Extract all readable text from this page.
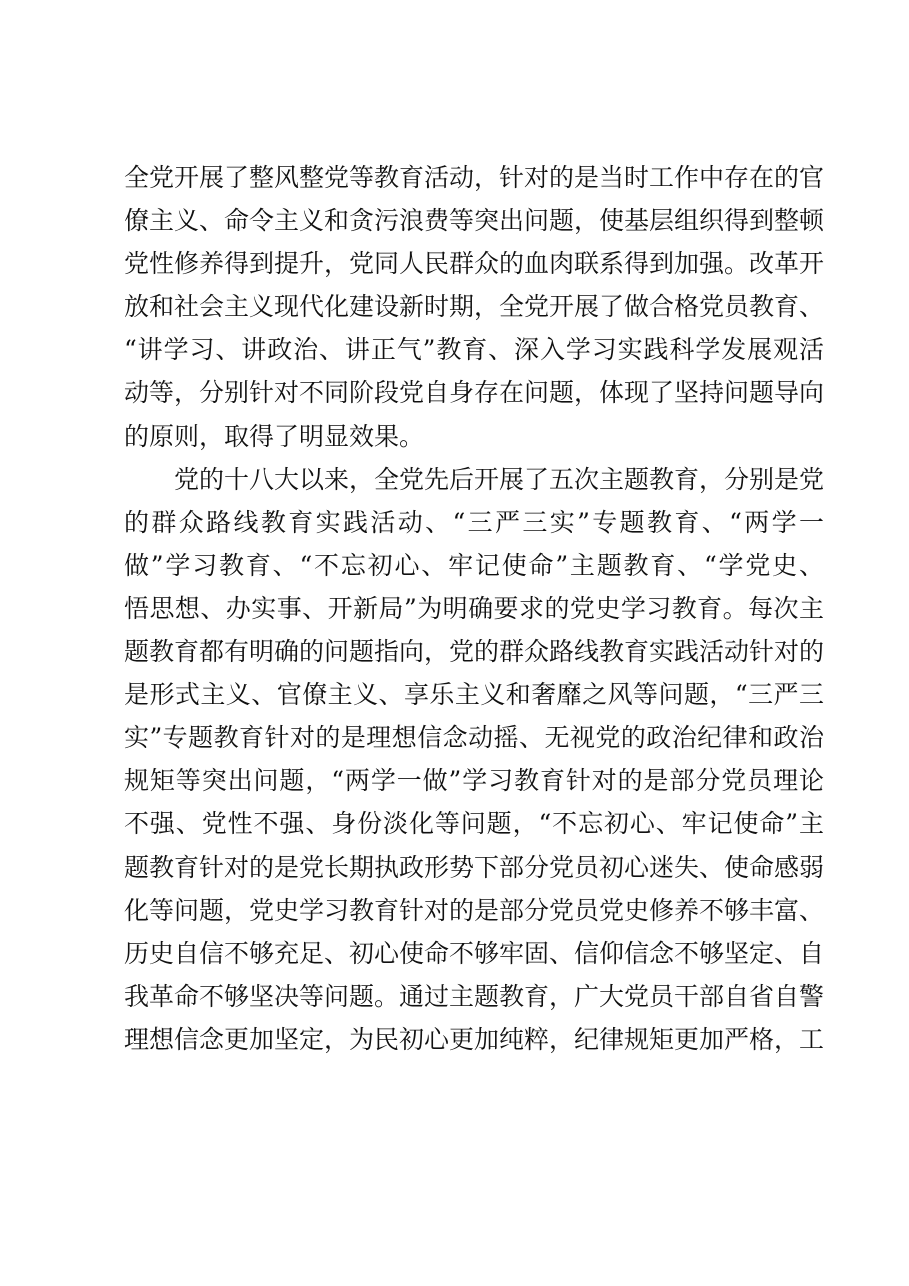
全党开展了整风整党等教育活动，针对的是当时工作中存在的官
僚主义、命令主义和贪污浪费等突出问题，使基层组织得到整顿
党性修养得到提升，党同人民群众的血肉联系得到加强。改革开
放和社会主义现代化建设新时期，全党开展了做合格党员教育、
“讲学习、讲政治、讲正气”教育、深入学习实践科学发展观活
动等，分别针对不同阶段党自身存在问题，体现了坚持问题导向
的原则，取得了明显效果。
党的十八大以来，全党先后开展了五次主题教育，分别是党
的群众路线教育实践活动、“三严三实”专题教育、“两学一
做”学习教育、“不忘初心、牢记使命”主题教育、“学党史、
悟思想、办实事、开新局”为明确要求的党史学习教育。每次主
题教育都有明确的问题指向，党的群众路线教育实践活动针对的
是形式主义、官僚主义、享乐主义和奢靡之风等问题，“三严三
实”专题教育针对的是理想信念动摇、无视党的政治纪律和政治
规矩等突出问题，“两学一做”学习教育针对的是部分党员理论
不强、党性不强、身份淡化等问题，“不忘初心、牢记使命”主
题教育针对的是党长期执政形势下部分党员初心迷失、使命感弱
化等问题，党史学习教育针对的是部分党员党史修养不够丰富、
历史自信不够充足、初心使命不够牢固、信仰信念不够坚定、自
我革命不够坚决等问题。通过主题教育，广大党员干部自省自警
理想信念更加坚定，为民初心更加纯粹，纪律规矩更加严格，工
